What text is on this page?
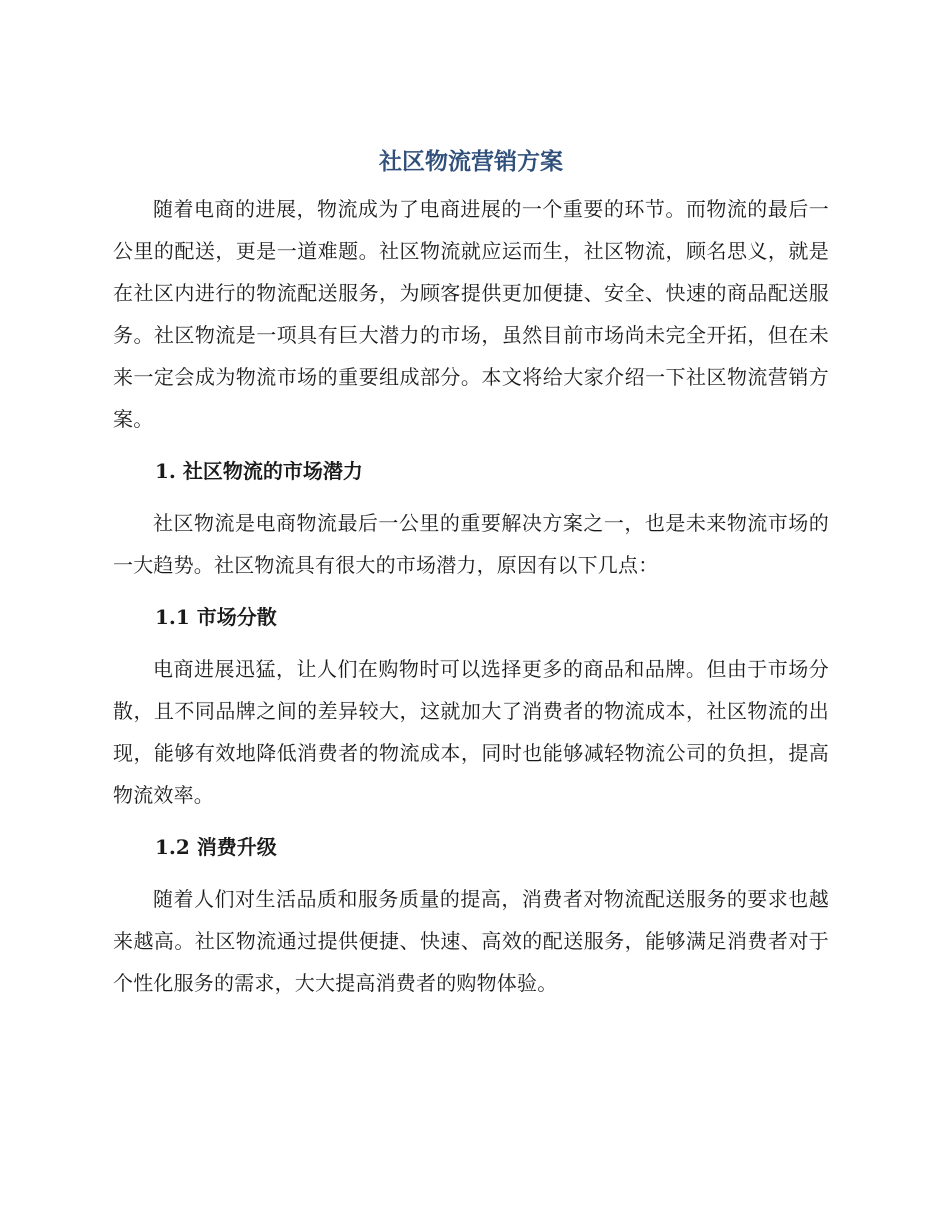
社区物流营销方案

随着电商的进展，物流成为了电商进展的一个重要的环节。而物流的最后一公里的配送，更是一道难题。社区物流就应运而生，社区物流，顾名思义，就是在社区内进行的物流配送服务，为顾客提供更加便捷、安全、快速的商品配送服务。社区物流是一项具有巨大潜力的市场，虽然目前市场尚未完全开拓，但在未来一定会成为物流市场的重要组成部分。本文将给大家介绍一下社区物流营销方案。

1. 社区物流的市场潜力

社区物流是电商物流最后一公里的重要解决方案之一，也是未来物流市场的一大趋势。社区物流具有很大的市场潜力，原因有以下几点：

1.1 市场分散

电商进展迅猛，让人们在购物时可以选择更多的商品和品牌。但由于市场分散，且不同品牌之间的差异较大，这就加大了消费者的物流成本，社区物流的出现，能够有效地降低消费者的物流成本，同时也能够减轻物流公司的负担，提高物流效率。

1.2 消费升级

随着人们对生活品质和服务质量的提高，消费者对物流配送服务的要求也越来越高。社区物流通过提供便捷、快速、高效的配送服务，能够满足消费者对于个性化服务的需求，大大提高消费者的购物体验。
